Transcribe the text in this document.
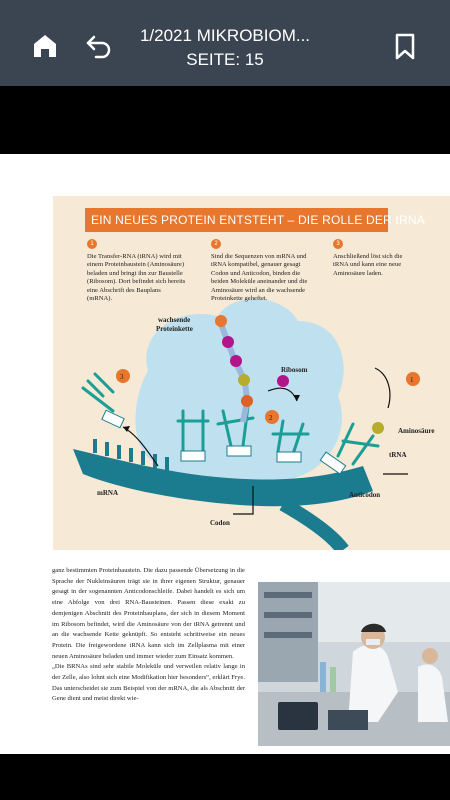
1/2021 MIKROBIOM...
SEITE: 15
3
2
1
wachsende
Proteinkette
Ribosom
Aminosäure
tRNA
Anticodon
Codon
mRNA
EIN NEUES PROTEIN ENTSTEHT – DIE ROLLE DER tRNA
1
Die Transfer-RNA (tRNA) wird mit einem Proteinbaustein (Aminosäure) beladen und bringt ihn zur Baustelle (Ribosom). Dort befindet sich bereits eine Abschrift des Bauplans (mRNA).
2
Sind die Sequenzen von mRNA und tRNA kompatibel, genauer gesagt Codon und Anticodon, binden die beiden Moleküle aneinander und die Aminosäure wird an die wachsende Proteinkette geheftet.
3
Anschließend löst sich die tRNA und kann eine neue Aminosäure laden.

ganz bestimmten Proteinbaustein. Die dazu passende Übersetzung in die Sprache der Nukleinsäuren trägt sie in ihrer eigenen Struktur, genauer gesagt in der sogenannten Anticodonschleife. Dabei handelt es sich um eine Abfolge von drei RNA-Bausteinen. Passen diese exakt zu demjenigen Abschnitt des Proteinbauplans, der sich in diesem Moment im Ribosom befindet, wird die Aminosäure von der tRNA getrennt und an die wachsende Kette geknüpft. So entsteht schrittweise ein neues Protein. Die freigewordene tRNA kann sich im Zellplasma mit einer neuen Aminosäure beladen und immer wieder zum Einsatz kommen.

„Die BRNAs sind sehr stabile Moleküle und verweilen relativ lange in der Zelle, also lohnt sich eine Modifikation hier besonders“, erklärt Frye. Das unterscheidet sie zum Beispiel von der mRNA, die als Abschnitt der Gene dient und meist direkt wie-
